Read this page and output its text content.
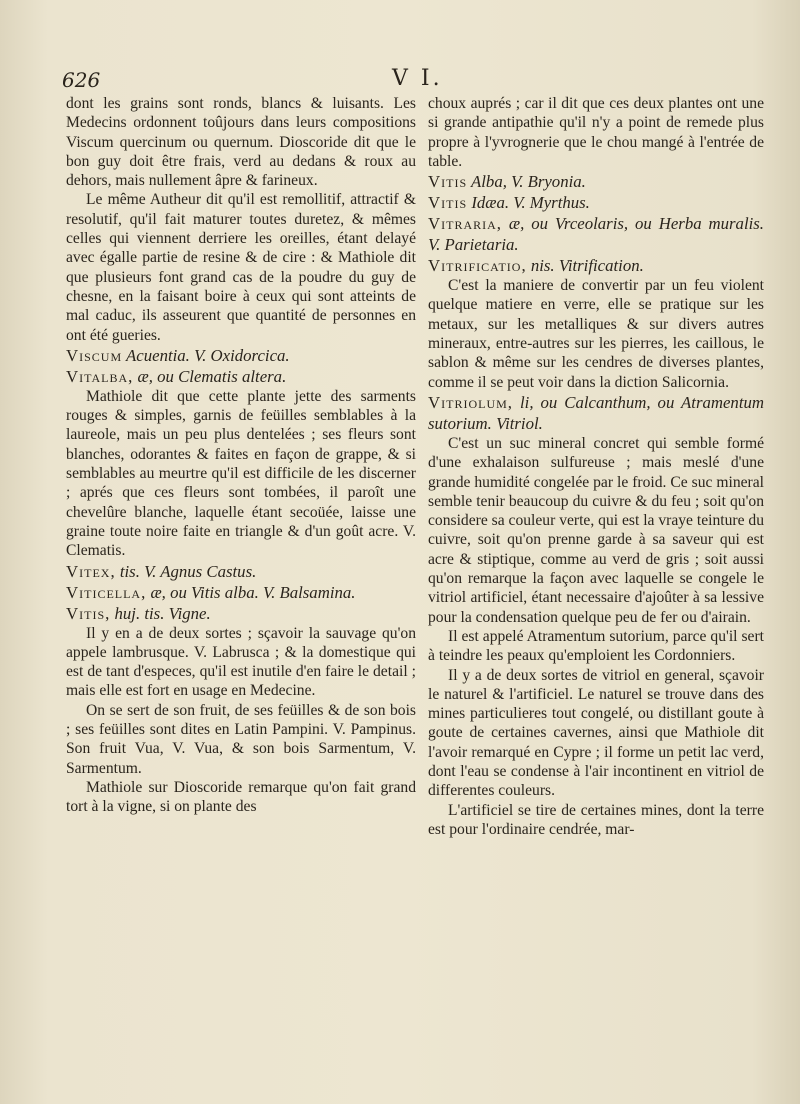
626	V I.

dont les grains sont ronds, blancs & luisants. Les Medecins ordonnent toûjours dans leurs compositions Viscum quercinum ou quernum. Dioscoride dit que le bon guy doit être frais, verd au dedans & roux au dehors, mais nullement âpre & farineux.

Le même Autheur dit qu'il est remollitif, attractif & resolutif, qu'il fait maturer toutes duretez, & mêmes celles qui viennent derriere les oreilles, étant delayé avec égalle partie de resine & de cire : & Mathiole dit que plusieurs font grand cas de la poudre du guy de chesne, en la faisant boire à ceux qui sont atteints de mal caduc, ils asseurent que quantité de personnes en ont été gueries.

Viscum Acuentia. V. Oxidorcica.

Vitalba, æ, ou Clematis altera.

Mathiole dit que cette plante jette des sarments rouges & simples, garnis de feüilles semblables à la laureole, mais un peu plus dentelées ; ses fleurs sont blanches, odorantes & faites en façon de grappe, & si semblables au meurtre qu'il est difficile de les discerner ; aprés que ces fleurs sont tombées, il paroît une chevelûre blanche, laquelle étant secoüée, laisse une graine toute noire faite en triangle & d'un goût acre. V. Clematis.

Vitex, tis. V. Agnus Castus.

Viticella, æ, ou Vitis alba. V. Balsamina.

Vitis, huj. tis. Vigne.

Il y en a de deux sortes ; sçavoir la sauvage qu'on appele lambrusque. V. Labrusca ; & la domestique qui est de tant d'especes, qu'il est inutile d'en faire le detail ; mais elle est fort en usage en Medecine.

On se sert de son fruit, de ses feüilles & de son bois ; ses feüilles sont dites en Latin Pampini. V. Pampinus. Son fruit Vua, V. Vua, & son bois Sarmentum, V. Sarmentum.

Mathiole sur Dioscoride remarque qu'on fait grand tort à la vigne, si on plante des

choux auprés ; car il dit que ces deux plantes ont une si grande antipathie qu'il n'y a point de remede plus propre à l'yvrognerie que le chou mangé à l'entrée de table.

Vitis Alba, V. Bryonia.

Vitis Idæa. V. Myrthus.

Vitraria, æ, ou Vrceolaris, ou Herba muralis. V. Parietaria.

Vitrificatio, nis. Vitrification.

C'est la maniere de convertir par un feu violent quelque matiere en verre, elle se pratique sur les metaux, sur les metalliques & sur divers autres mineraux, entre-autres sur les pierres, les caillous, le sablon & même sur les cendres de diverses plantes, comme il se peut voir dans la diction Salicornia.

Vitriolum, li, ou Calcanthum, ou Atramentum sutorium. Vitriol.

C'est un suc mineral concret qui semble formé d'une exhalaison sulfureuse ; mais meslé d'une grande humidité congelée par le froid. Ce suc mineral semble tenir beaucoup du cuivre & du feu ; soit qu'on considere sa couleur verte, qui est la vraye teinture du cuivre, soit qu'on prenne garde à sa saveur qui est acre & stiptique, comme au verd de gris ; soit aussi qu'on remarque la façon avec laquelle se congele le vitriol artificiel, étant necessaire d'ajoûter à sa lessive pour la condensation quelque peu de fer ou d'airain.

Il est appelé Atramentum sutorium, parce qu'il sert à teindre les peaux qu'emploient les Cordonniers.

Il y a de deux sortes de vitriol en general, sçavoir le naturel & l'artificiel. Le naturel se trouve dans des mines particulieres tout congelé, ou distillant goute à goute de certaines cavernes, ainsi que Mathiole dit l'avoir remarqué en Cypre ; il forme un petit lac verd, dont l'eau se condense à l'air incontinent en vitriol de differentes couleurs.

L'artificiel se tire de certaines mines, dont la terre est pour l'ordinaire cendrée, mar-
